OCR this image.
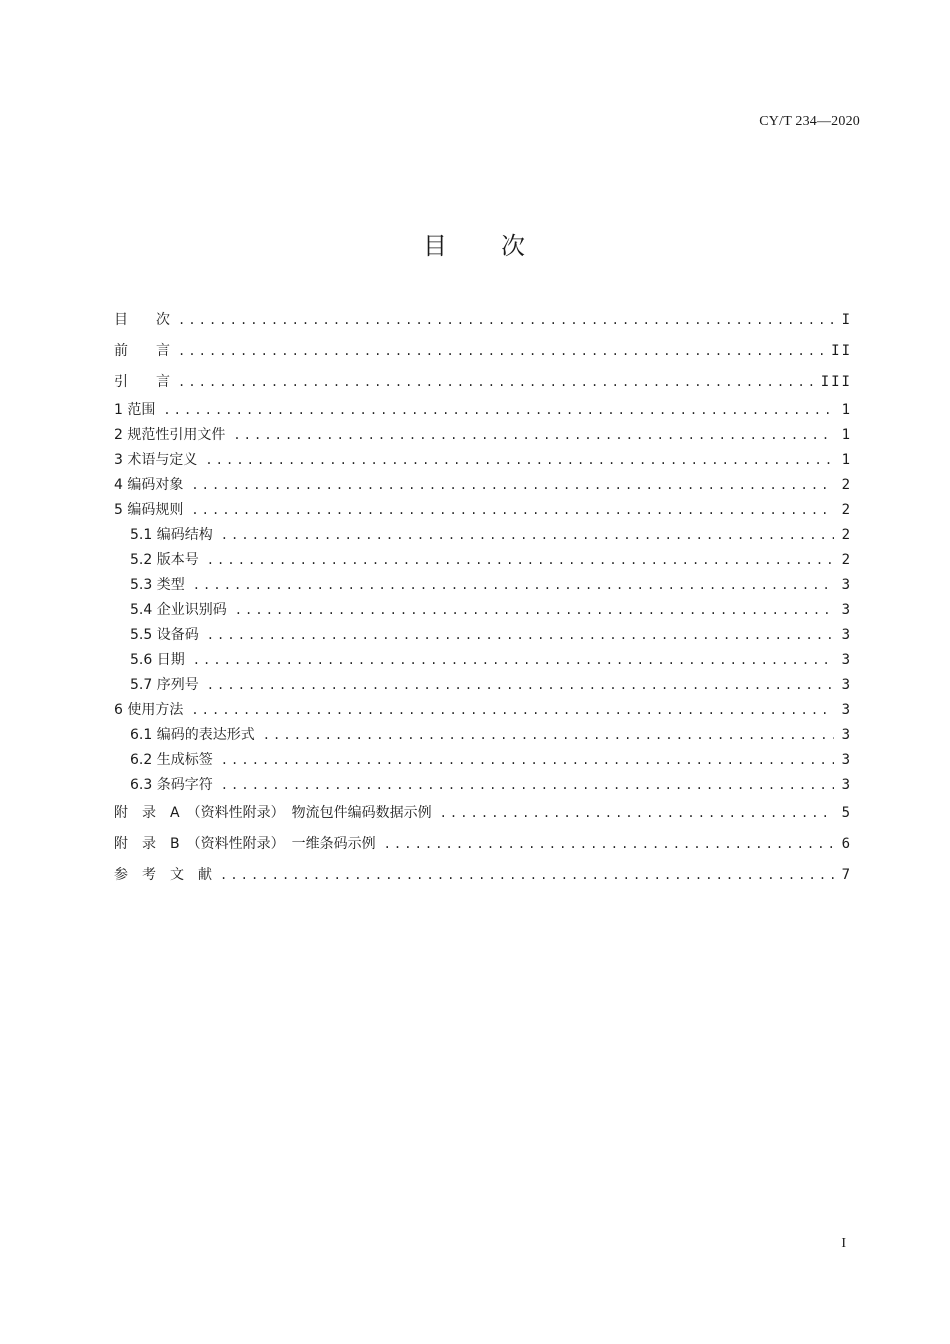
CY/T 234—2020
目　　次
目　　次 .....	I
前　　言 .....	II
引　　言 .....	III
1 范围 .....	1
2 规范性引用文件 .....	1
3 术语与定义 .....	1
4 编码对象 .....	2
5 编码规则 .....	2
5.1 编码结构 .....	2
5.2 版本号 .....	2
5.3 类型 .....	3
5.4 企业识别码 .....	3
5.5 设备码 .....	3
5.6 日期 .....	3
5.7 序列号 .....	3
6 使用方法 .....	3
6.1 编码的表达形式 .....	3
6.2 生成标签 .....	3
6.3 条码字符 .....	3
附　录　A　（资料性附录）　物流包件编码数据示例 .....	5
附　录　B　（资料性附录）　一维条码示例 .....	6
参　考　文　献 .....	7
I
